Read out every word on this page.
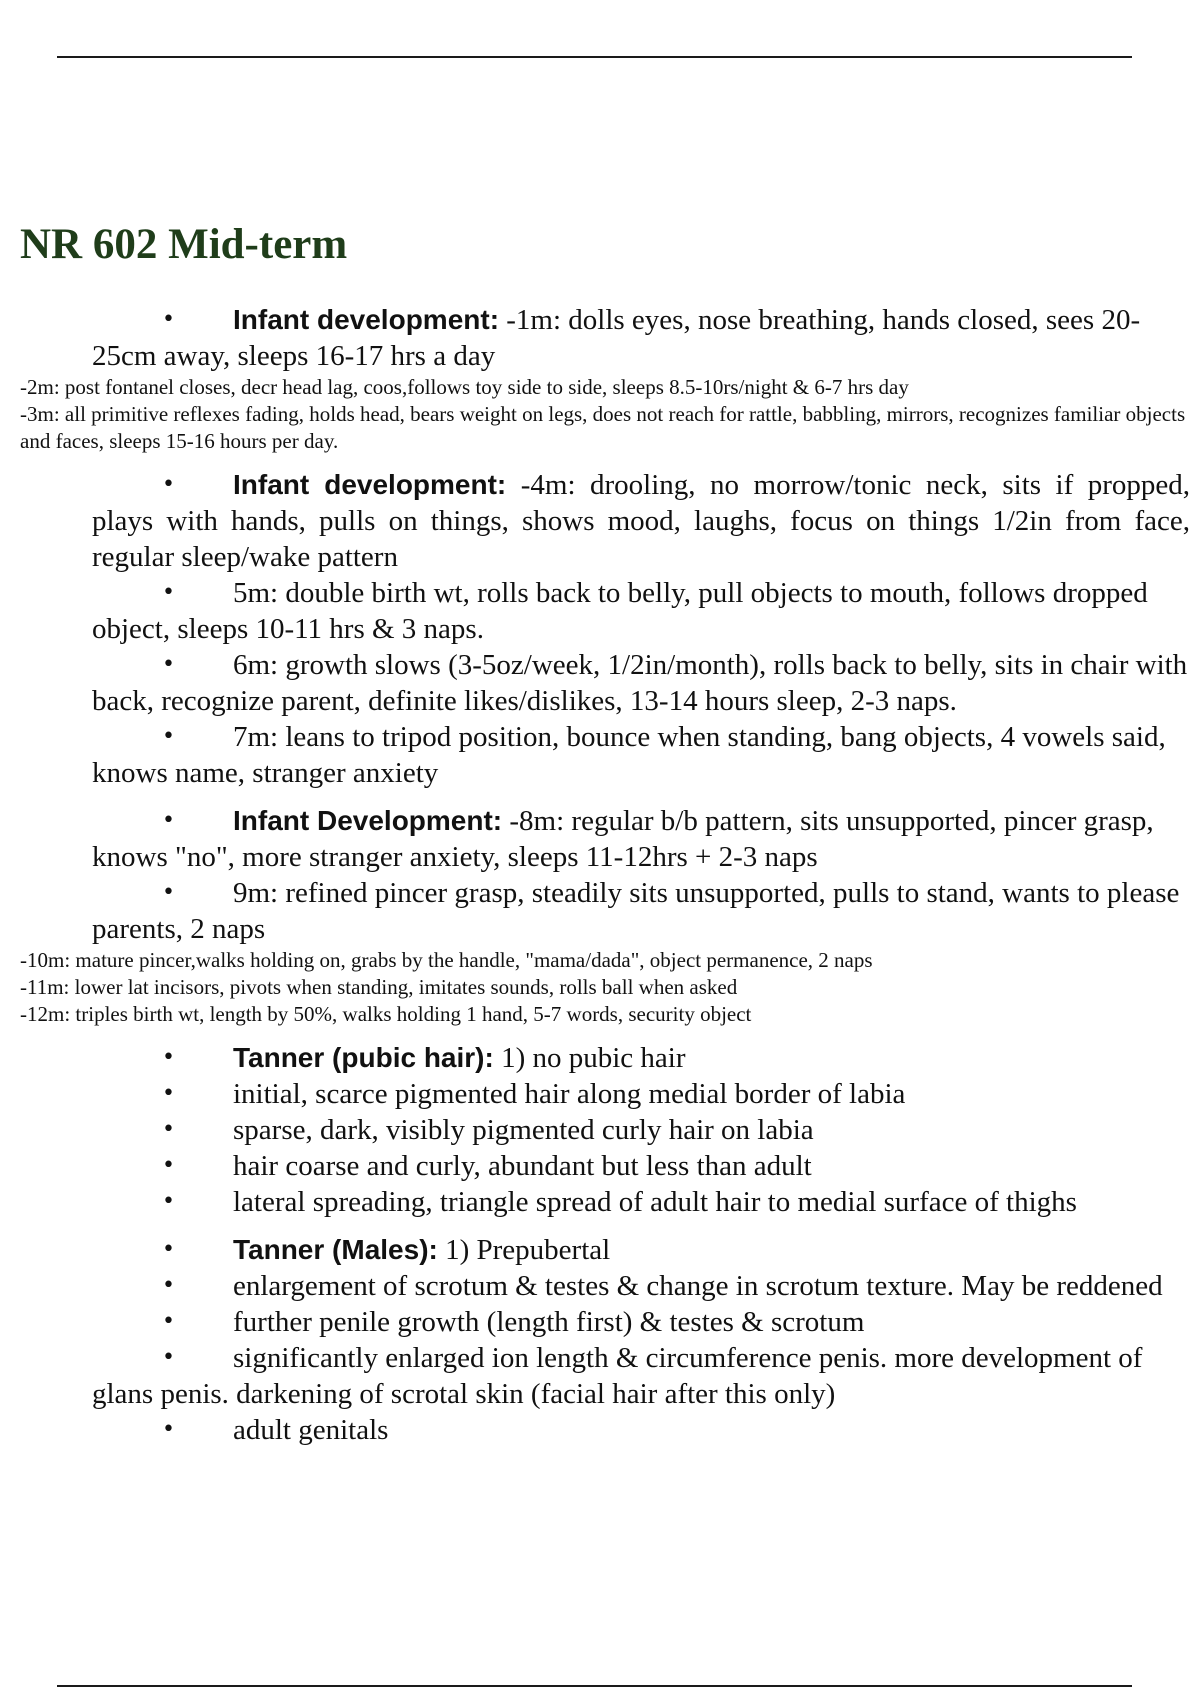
NR 602 Mid-term

• Infant development: -1m: dolls eyes, nose breathing, hands closed, sees 20-25cm away, sleeps 16-17 hrs a day

-2m: post fontanel closes, decr head lag, coos,follows toy side to side, sleeps 8.5-10rs/night & 6-7 hrs day

-3m: all primitive reflexes fading, holds head, bears weight on legs, does not reach for rattle, babbling, mirrors, recognizes familiar objects and faces, sleeps 15-16 hours per day.

• Infant development: -4m: drooling, no morrow/tonic neck, sits if propped, plays with hands, pulls on things, shows mood, laughs, focus on things 1/2in from face, regular sleep/wake pattern

• 5m: double birth wt, rolls back to belly, pull objects to mouth, follows dropped object, sleeps 10-11 hrs & 3 naps.

• 6m: growth slows (3-5oz/week, 1/2in/month), rolls back to belly, sits in chair with back, recognize parent, definite likes/dislikes, 13-14 hours sleep, 2-3 naps.

• 7m: leans to tripod position, bounce when standing, bang objects, 4 vowels said, knows name, stranger anxiety

• Infant Development: -8m: regular b/b pattern, sits unsupported, pincer grasp, knows "no", more stranger anxiety, sleeps 11-12hrs + 2-3 naps

• 9m: refined pincer grasp, steadily sits unsupported, pulls to stand, wants to please parents, 2 naps

-10m: mature pincer,walks holding on, grabs by the handle, "mama/dada", object permanence, 2 naps

-11m: lower lat incisors, pivots when standing, imitates sounds, rolls ball when asked

-12m: triples birth wt, length by 50%, walks holding 1 hand, 5-7 words, security object

• Tanner (pubic hair): 1) no pubic hair

• initial, scarce pigmented hair along medial border of labia

• sparse, dark, visibly pigmented curly hair on labia

• hair coarse and curly, abundant but less than adult

• lateral spreading, triangle spread of adult hair to medial surface of thighs

• Tanner (Males): 1) Prepubertal

• enlargement of scrotum & testes & change in scrotum texture. May be reddened

• further penile growth (length first) & testes & scrotum

• significantly enlarged ion length & circumference penis. more development of glans penis. darkening of scrotal skin (facial hair after this only)

• adult genitals
